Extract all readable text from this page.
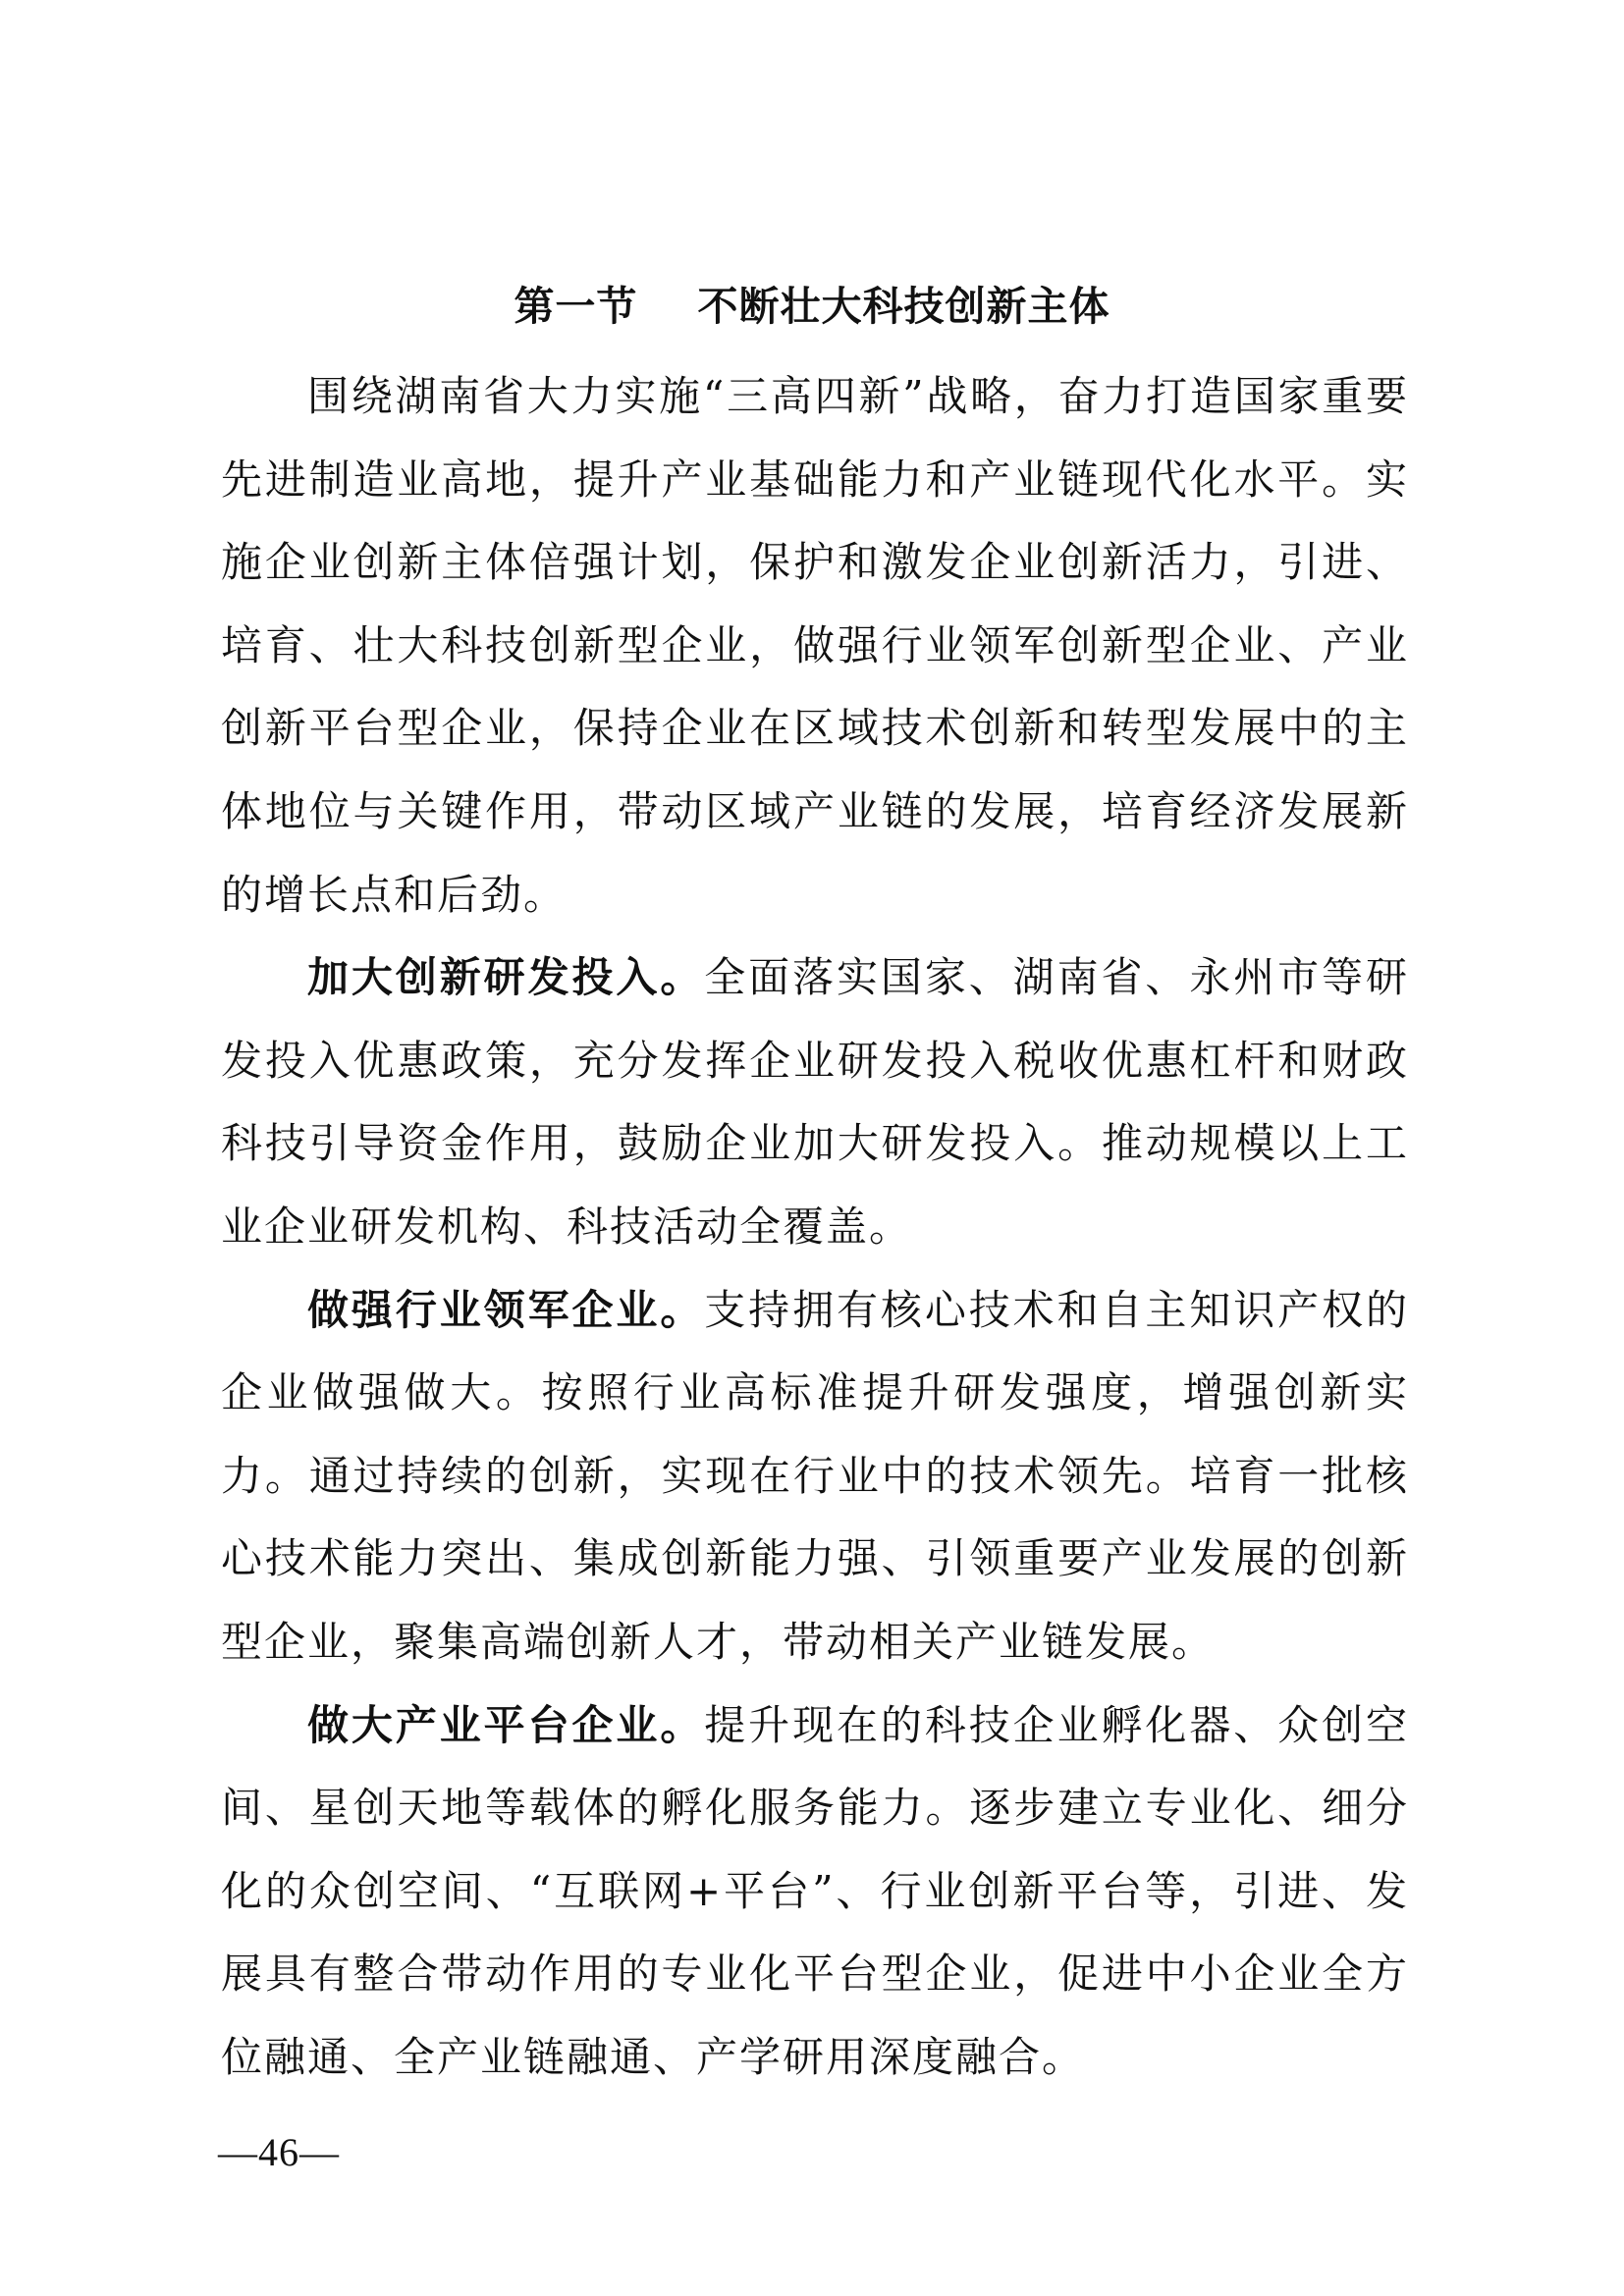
第一节    不断壮大科技创新主体

围绕湖南省大力实施“三高四新”战略，奋力打造国家重要先进制造业高地，提升产业基础能力和产业链现代化水平。实施企业创新主体倍强计划，保护和激发企业创新活力，引进、培育、壮大科技创新型企业，做强行业领军创新型企业、产业创新平台型企业，保持企业在区域技术创新和转型发展中的主体地位与关键作用，带动区域产业链的发展，培育经济发展新的增长点和后劲。

加大创新研发投入。全面落实国家、湖南省、永州市等研发投入优惠政策，充分发挥企业研发投入税收优惠杠杆和财政科技引导资金作用，鼓励企业加大研发投入。推动规模以上工业企业研发机构、科技活动全覆盖。

做强行业领军企业。支持拥有核心技术和自主知识产权的企业做强做大。按照行业高标准提升研发强度，增强创新实力。通过持续的创新，实现在行业中的技术领先。培育一批核心技术能力突出、集成创新能力强、引领重要产业发展的创新型企业，聚集高端创新人才，带动相关产业链发展。

做大产业平台企业。提升现在的科技企业孵化器、众创空间、星创天地等载体的孵化服务能力。逐步建立专业化、细分化的众创空间、“互联网+平台”、行业创新平台等，引进、发展具有整合带动作用的专业化平台型企业，促进中小企业全方位融通、全产业链融通、产学研用深度融合。

—46—
